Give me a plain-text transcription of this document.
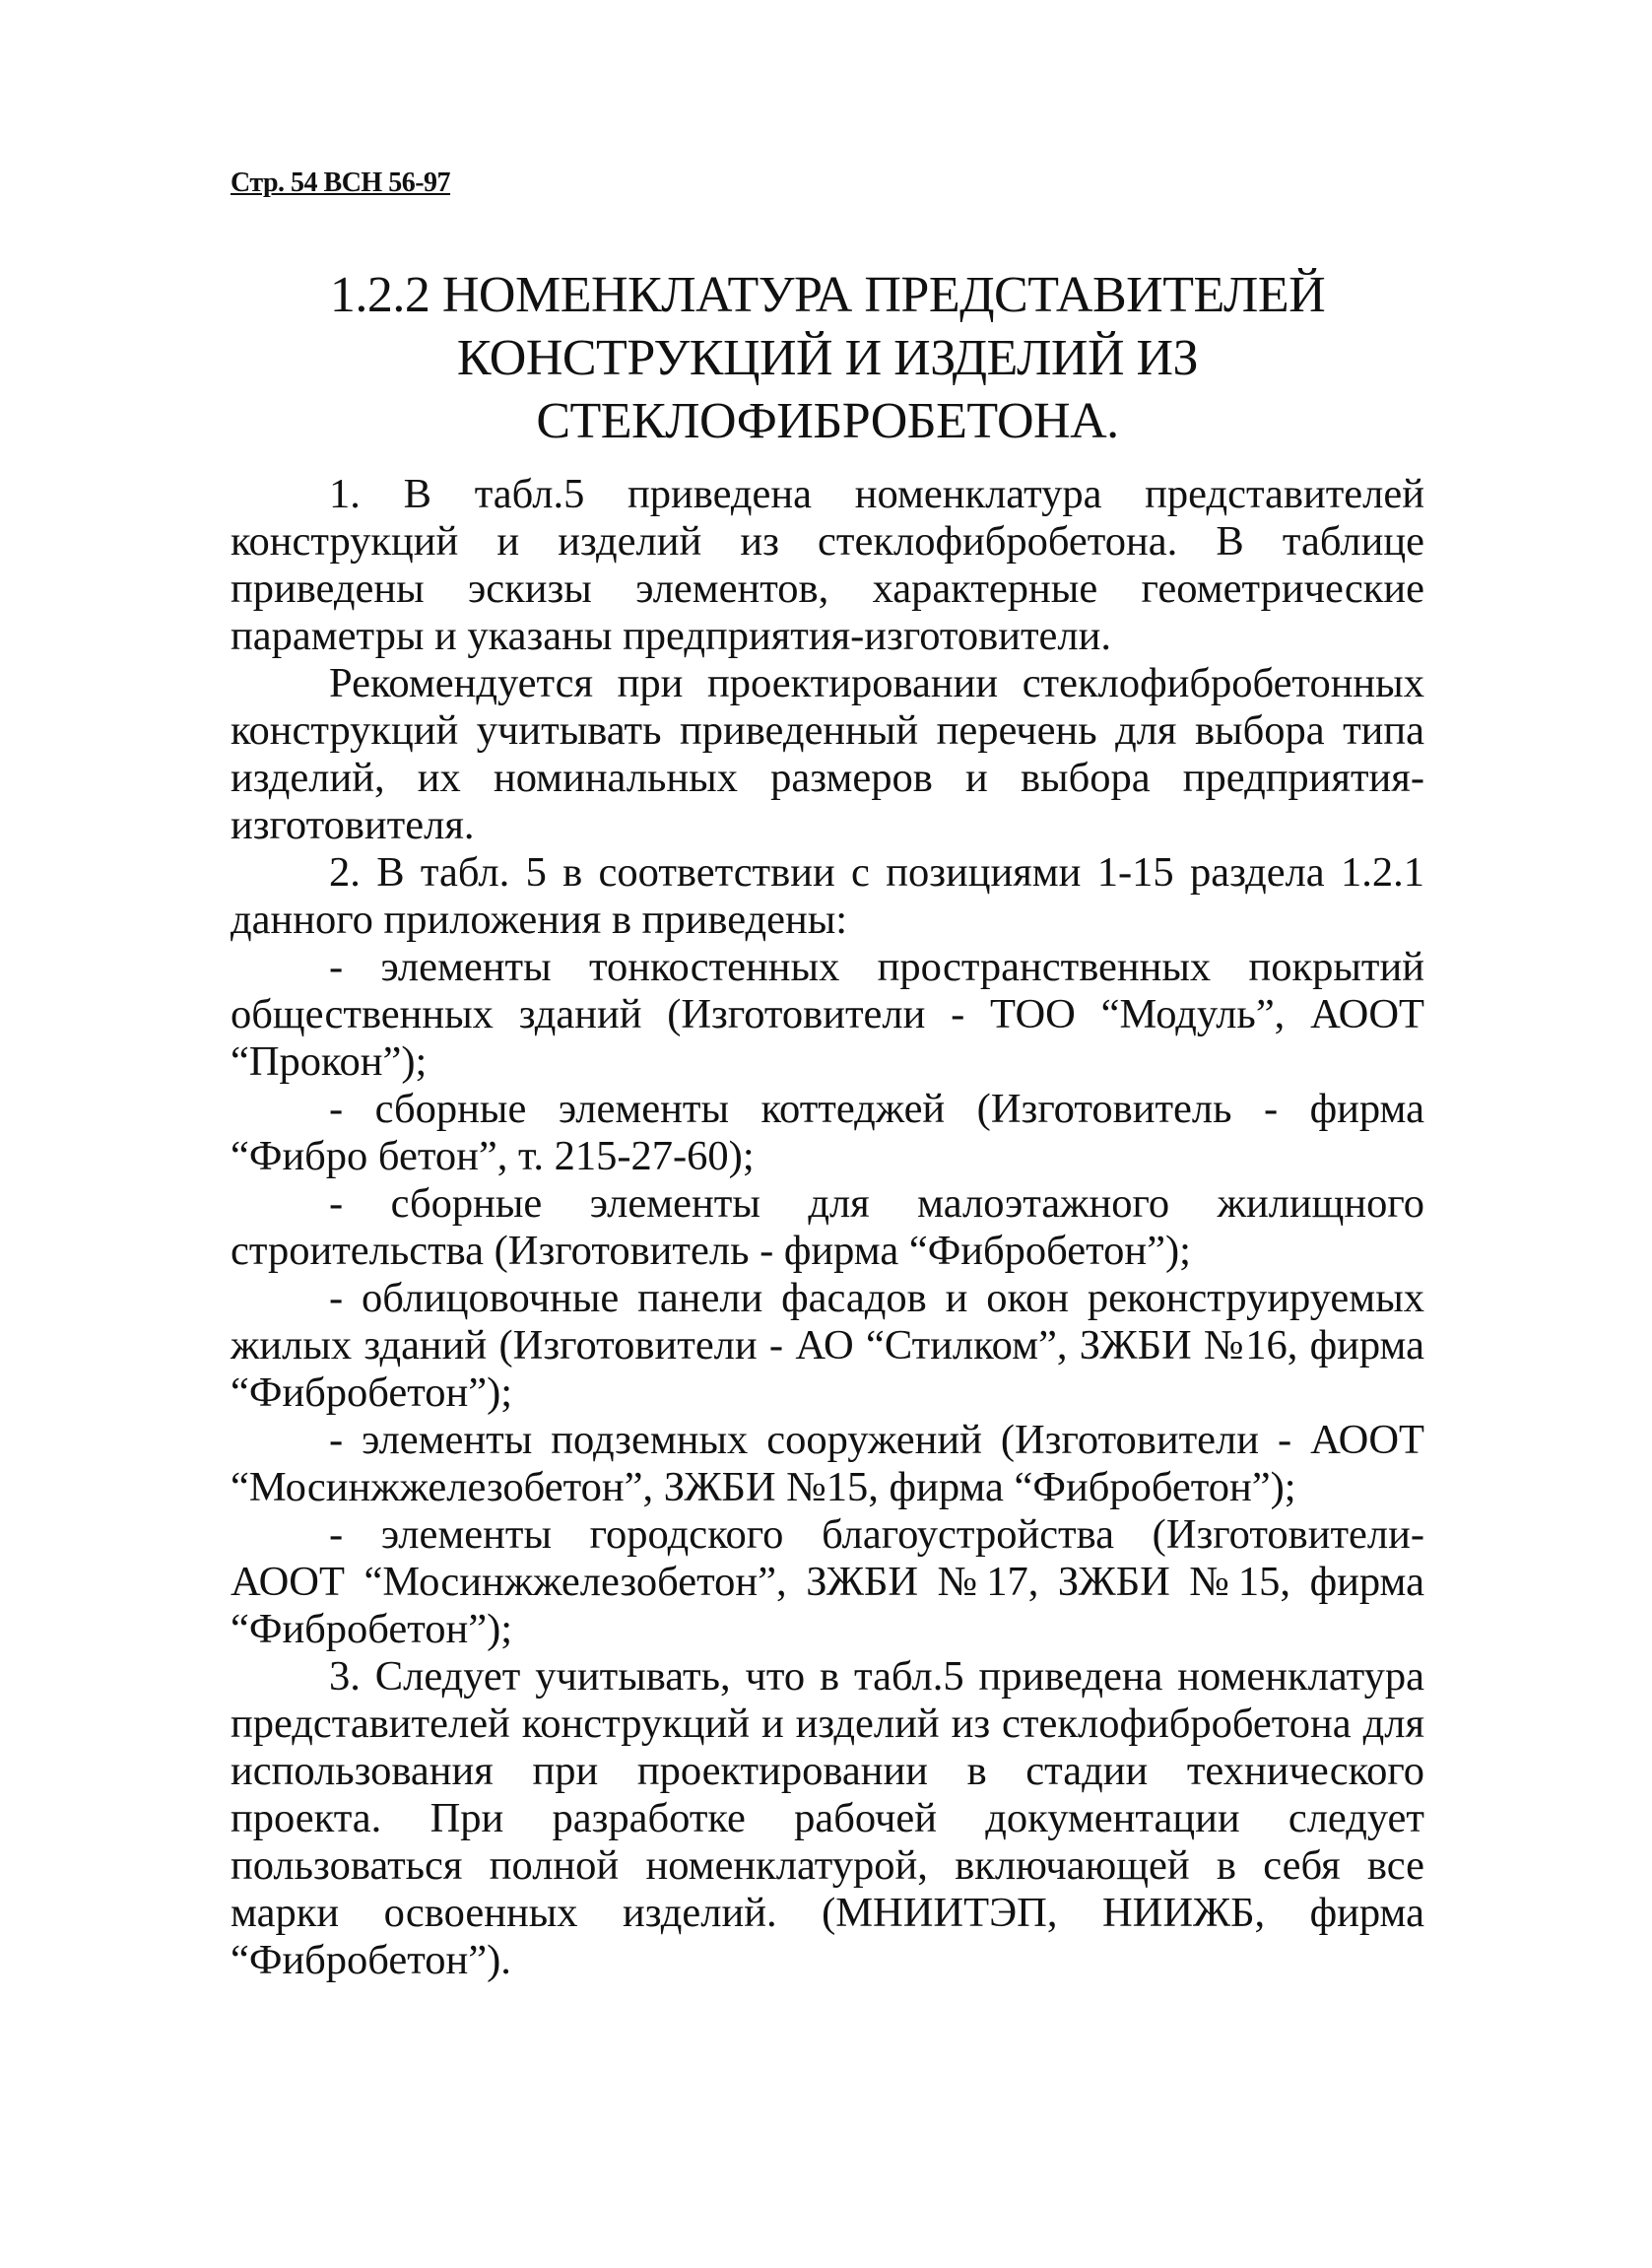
Стр. 54 ВСН 56-97
1.2.2 НОМЕНКЛАТУРА ПРЕДСТАВИТЕЛЕЙ
КОНСТРУКЦИЙ И ИЗДЕЛИЙ ИЗ
СТЕКЛОФИБРОБЕТОНА.

1. В табл.5 приведена номенклатура представителей конструкций и изделий из стеклофибробетона. В таблице приведены эскизы элементов, характерные геометрические параметры и указаны предприятия-изготовители.

Рекомендуется при проектировании стеклофибробетонных конструкций учитывать приведенный перечень для выбора типа изделий, их номинальных размеров и выбора предприятия-изготовителя.

2. В табл. 5 в соответствии с позициями 1-15 раздела 1.2.1 данного приложения в приведены:

- элементы тонкостенных пространственных покрытий общественных зданий (Изготовители - ТОО “Модуль”, АООТ “Прокон”);

- сборные элементы коттеджей (Изготовитель - фирма “Фибро бетон”, т. 215-27-60);

- сборные элементы для малоэтажного жилищного строительства (Изготовитель - фирма “Фибробетон”);

- облицовочные панели фасадов и окон реконструируемых жилых зданий (Изготовители - АО “Стилком”, ЗЖБИ №16, фирма “Фибробетон”);

- элементы подземных сооружений (Изготовители - АООТ “Мосинжжелезобетон”, ЗЖБИ №15, фирма “Фибробетон”);

- элементы городского благоустройства (Изготовители- АООТ “Мосинжжелезобетон”, ЗЖБИ №17, ЗЖБИ №15, фирма “Фибробетон”);

3. Следует учитывать, что в табл.5 приведена номенклатура представителей конструкций и изделий из стеклофибробетона для использования при проектировании в стадии технического проекта. При разработке рабочей документации следует пользоваться полной номенклатурой, включающей в себя все марки освоенных изделий. (МНИИТЭП, НИИЖБ, фирма “Фибробетон”).
